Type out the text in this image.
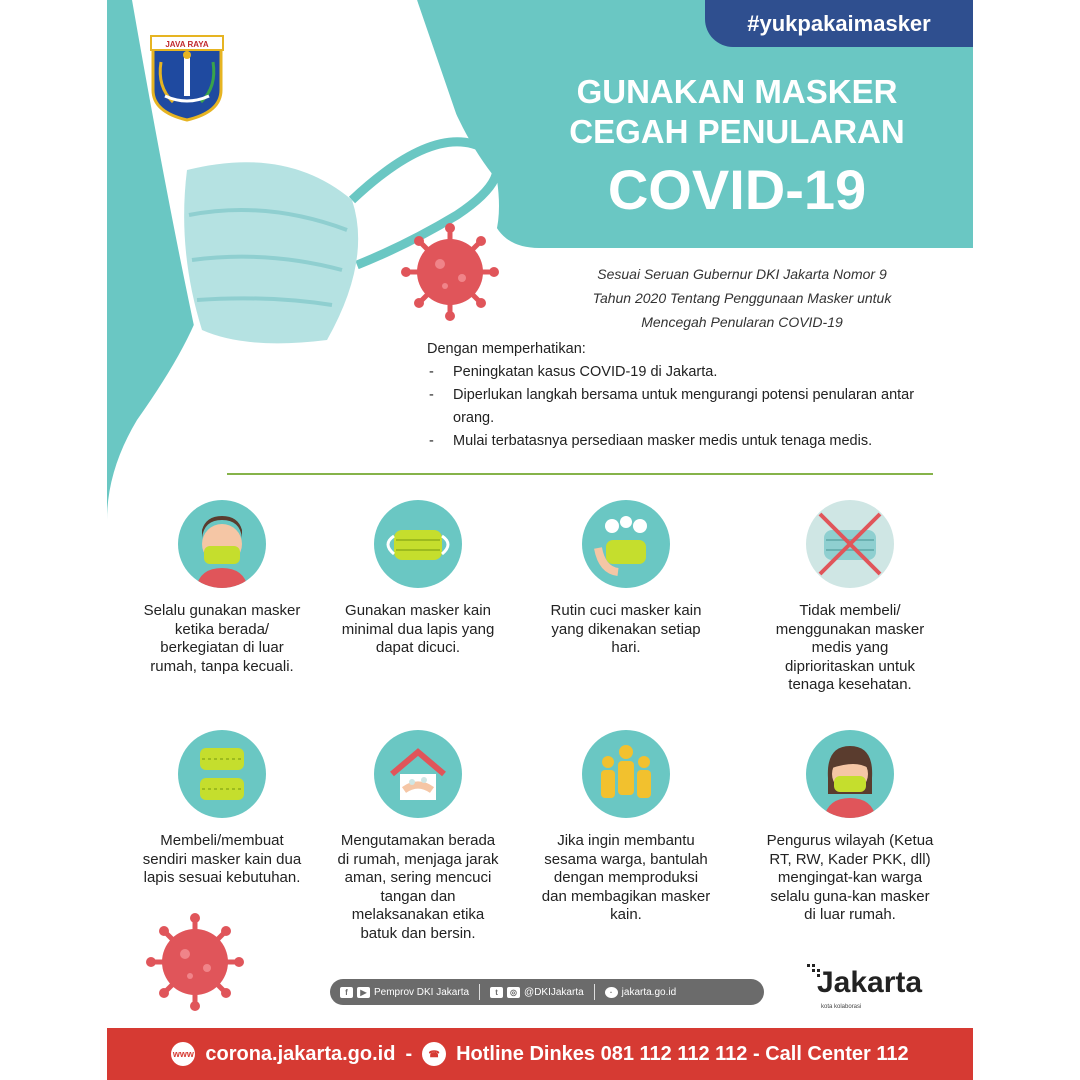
#yukpakaimasker
JAVA RAYA
GUNAKAN MASKER
CEGAH PENULARAN
COVID-19
Sesuai Seruan Gubernur DKI Jakarta Nomor 9
Tahun 2020 Tentang Penggunaan Masker untuk
Mencegah Penularan COVID-19
Dengan memperhatikan:
- Peningkatan kasus COVID-19 di Jakarta.
- Diperlukan langkah bersama untuk mengurangi potensi penularan antar orang.
- Mulai terbatasnya persediaan masker medis untuk tenaga medis.
Selalu gunakan masker ketika berada/ berkegiatan di luar rumah, tanpa kecuali.
Gunakan masker kain minimal dua lapis yang dapat dicuci.
Rutin cuci masker kain yang dikenakan setiap hari.
Tidak membeli/ menggunakan masker medis yang diprioritaskan untuk tenaga kesehatan.
Membeli/membuat sendiri masker kain dua lapis sesuai kebutuhan.
Mengutamakan berada di rumah, menjaga jarak aman, sering mencuci tangan dan melaksanakan etika batuk dan bersin.
Jika ingin membantu sesama warga, bantulah dengan memproduksi dan membagikan masker kain.
Pengurus wilayah (Ketua RT, RW, Kader PKK, dll) mengingat-kan warga selalu guna-kan masker di luar rumah.
f	▶ Pemprov DKI Jakarta	t	◎ @DKIJakarta	· jakarta.go.id	Jakarta
kota kolaborasi
www corona.jakarta.go.id -	☎ Hotline Dinkes 081 112 112 112 - Call Center 112
